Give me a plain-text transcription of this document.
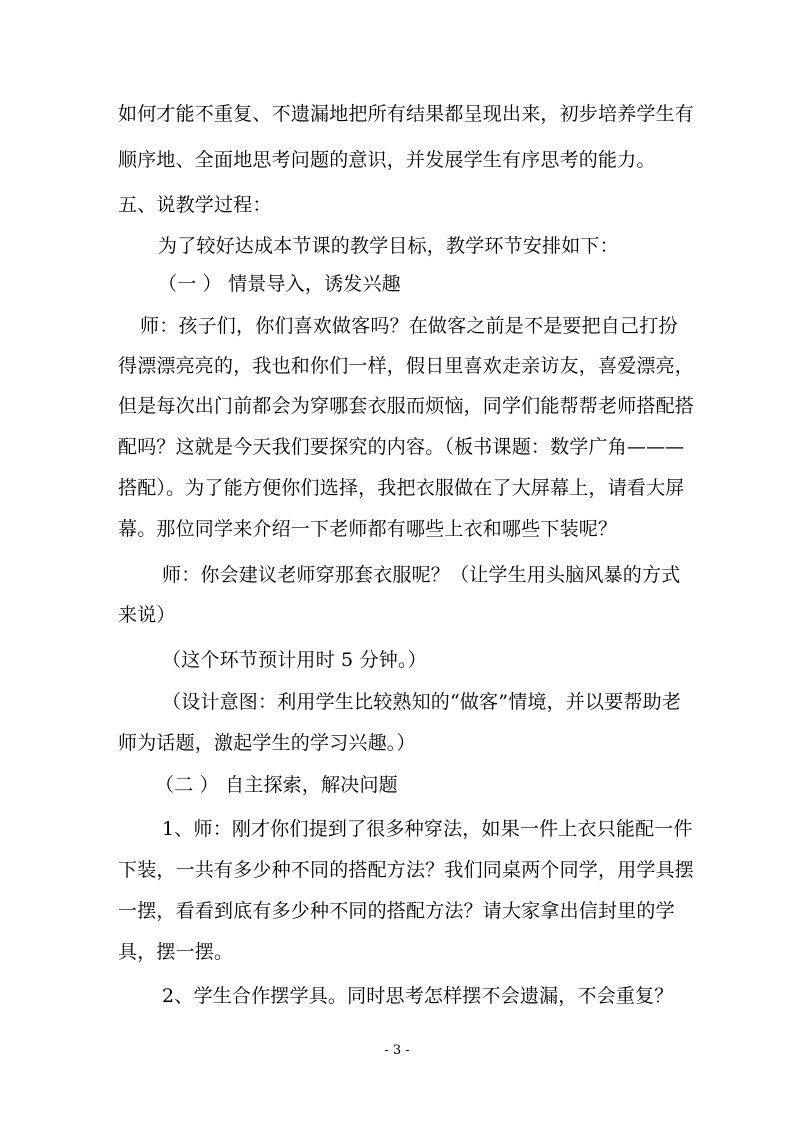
如何才能不重复、不遗漏地把所有结果都呈现出来，初步培养学生有
顺序地、全面地思考问题的意识，并发展学生有序思考的能力。
五、说教学过程：
为了较好达成本节课的教学目标，教学环节安排如下：
（一 ） 情景导入，诱发兴趣
师：孩子们，你们喜欢做客吗？在做客之前是不是要把自己打扮
得漂漂亮亮的，我也和你们一样，假日里喜欢走亲访友，喜爱漂亮，
但是每次出门前都会为穿哪套衣服而烦恼，同学们能帮帮老师搭配搭
配吗？这就是今天我们要探究的内容。（板书课题：数学广角———
搭配）。为了能方便你们选择，我把衣服做在了大屏幕上，请看大屏
幕。那位同学来介绍一下老师都有哪些上衣和哪些下装呢？
师：你会建议老师穿那套衣服呢？（让学生用头脑风暴的方式
来说）
（这个环节预计用时 5 分钟。）
（设计意图：利用学生比较熟知的“做客”情境，并以要帮助老
师为话题，激起学生的学习兴趣。）
（二 ） 自主探索，解决问题
1、师：刚才你们提到了很多种穿法，如果一件上衣只能配一件
下装，一共有多少种不同的搭配方法？我们同桌两个同学，用学具摆
一摆，看看到底有多少种不同的搭配方法？请大家拿出信封里的学
具，摆一摆。
2、学生合作摆学具。同时思考怎样摆不会遗漏，不会重复？
- 3 -
